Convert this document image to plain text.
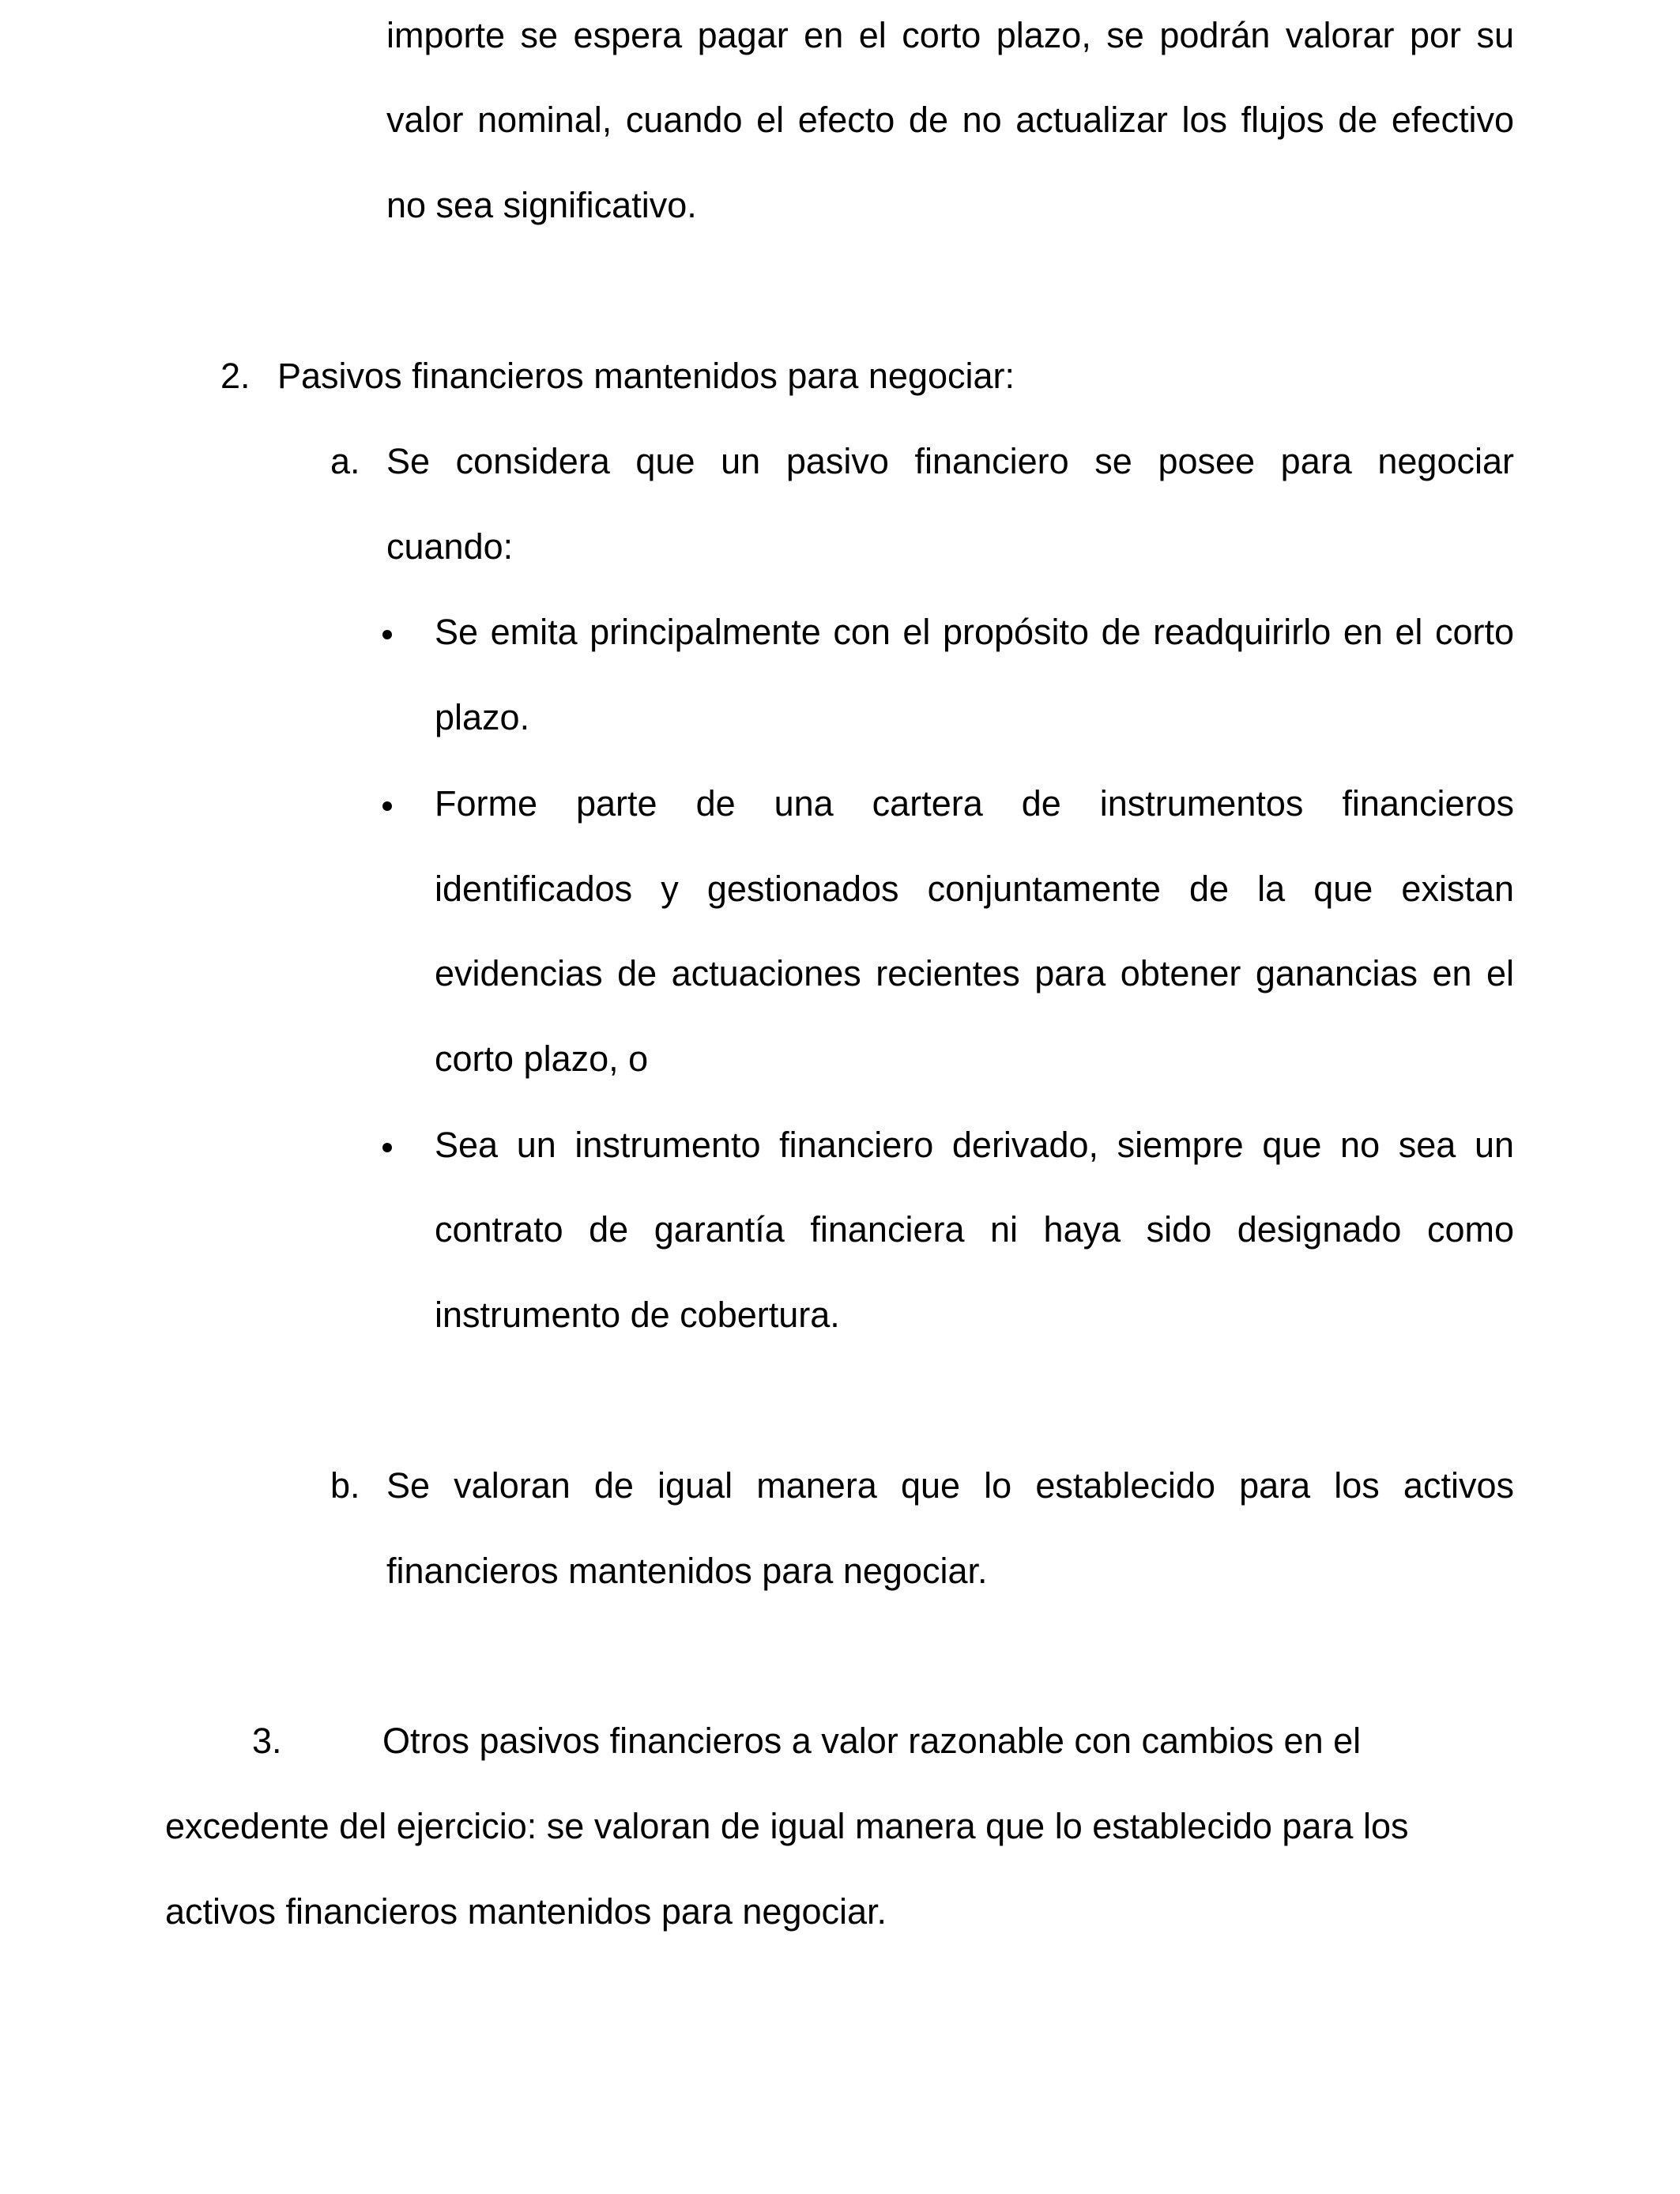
importe se espera pagar en el corto plazo, se podrán valorar por su
valor nominal, cuando el efecto de no actualizar los flujos de efectivo
no sea significativo.
2. Pasivos financieros mantenidos para negociar:
a. Se considera que un pasivo financiero se posee para negociar
cuando:
Se emita principalmente con el propósito de readquirirlo en el corto
plazo.
Forme parte de una cartera de instrumentos financieros
identificados y gestionados conjuntamente de la que existan
evidencias de actuaciones recientes para obtener ganancias en el
corto plazo, o
Sea un instrumento financiero derivado, siempre que no sea un
contrato de garantía financiera ni haya sido designado como
instrumento de cobertura.
b. Se valoran de igual manera que lo establecido para los activos
financieros mantenidos para negociar.
3.	Otros pasivos financieros a valor razonable con cambios en el
excedente del ejercicio: se valoran de igual manera que lo establecido para los
activos financieros mantenidos para negociar.
